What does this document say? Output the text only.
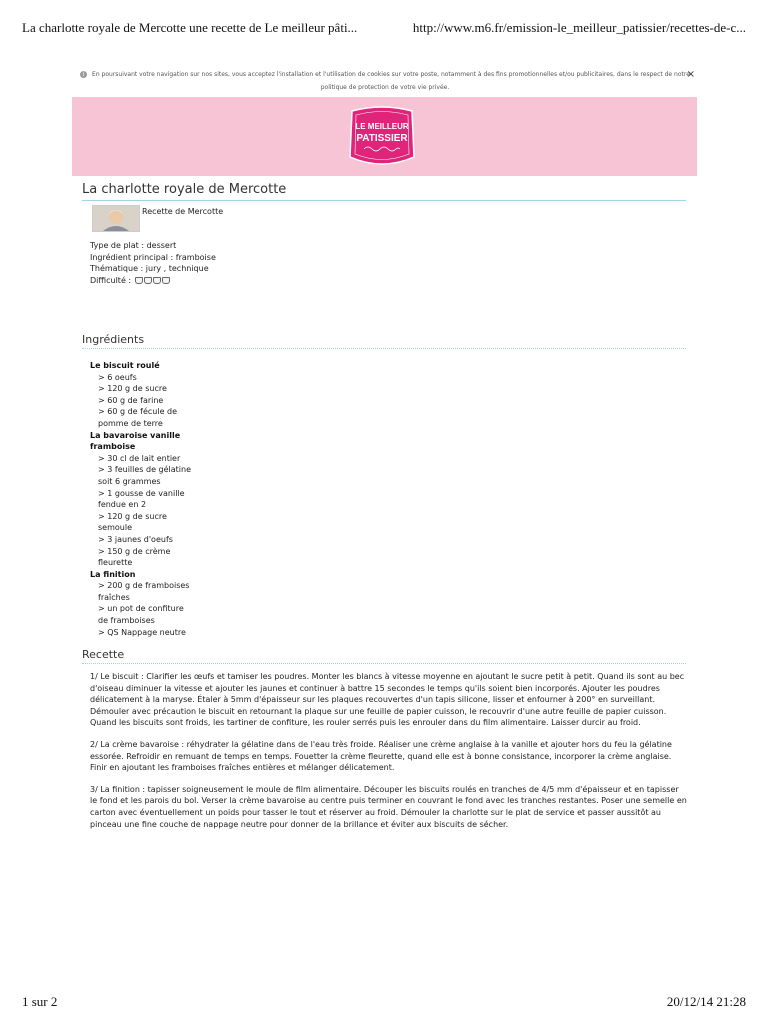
La charlotte royale de Mercotte une recette de Le meilleur pâti...	http://www.m6.fr/emission-le_meilleur_patissier/recettes-de-c...
i En poursuivant votre navigation sur nos sites, vous acceptez l'installation et l'utilisation de cookies sur votre poste, notamment à des fins promotionnelles et/ou publicitaires, dans le respect de notre politique de protection de votre vie privée.
×
LE MEILLEUR
PATISSIER
La charlotte royale de Mercotte
Recette de Mercotte
Type de plat : dessert
Ingrédient principal : framboise
Thématique : jury , technique
Difficulté :
Ingrédients
Le biscuit roulé
> 6 oeufs
> 120 g de sucre
> 60 g de farine
> 60 g de fécule de
pomme de terre
La bavaroise vanille framboise
> 30 cl de lait entier
> 3 feuilles de gélatine
soit 6 grammes
> 1 gousse de vanille
fendue en 2
> 120 g de sucre
semoule
> 3 jaunes d'oeufs
> 150 g de crème
fleurette
La finition
> 200 g de framboises
fraîches
> un pot de confiture
de framboises
> QS Nappage neutre
Recette

1/ Le biscuit : Clarifier les œufs et tamiser les poudres. Monter les blancs à vitesse moyenne en ajoutant le sucre petit à petit. Quand ils sont au bec d'oiseau diminuer la vitesse et ajouter les jaunes et continuer à battre 15 secondes le temps qu'ils soient bien incorporés. Ajouter les poudres délicatement à la maryse. Étaler à 5mm d'épaisseur sur les plaques recouvertes d'un tapis silicone, lisser et enfourner à 200° en surveillant. Démouler avec précaution le biscuit en retournant la plaque sur une feuille de papier cuisson, le recouvrir d'une autre feuille de papier cuisson. Quand les biscuits sont froids, les tartiner de confiture, les rouler serrés puis les enrouler dans du film alimentaire. Laisser durcir au froid.

2/ La crème bavaroise : réhydrater la gélatine dans de l'eau très froide. Réaliser une crème anglaise à la vanille et ajouter hors du feu la gélatine essorée. Refroidir en remuant de temps en temps. Fouetter la crème fleurette, quand elle est à bonne consistance, incorporer la crème anglaise. Finir en ajoutant les framboises fraîches entières et mélanger délicatement.

3/ La finition : tapisser soigneusement le moule de film alimentaire. Découper les biscuits roulés en tranches de 4/5 mm d'épaisseur et en tapisser le fond et les parois du bol. Verser la crème bavaroise au centre puis terminer en couvrant le fond avec les tranches restantes. Poser une semelle en carton avec éventuellement un poids pour tasser le tout et réserver au froid. Démouler la charlotte sur le plat de service et passer aussitôt au pinceau une fine couche de nappage neutre pour donner de la brillance et éviter aux biscuits de sécher.

1 sur 2	20/12/14 21:28
